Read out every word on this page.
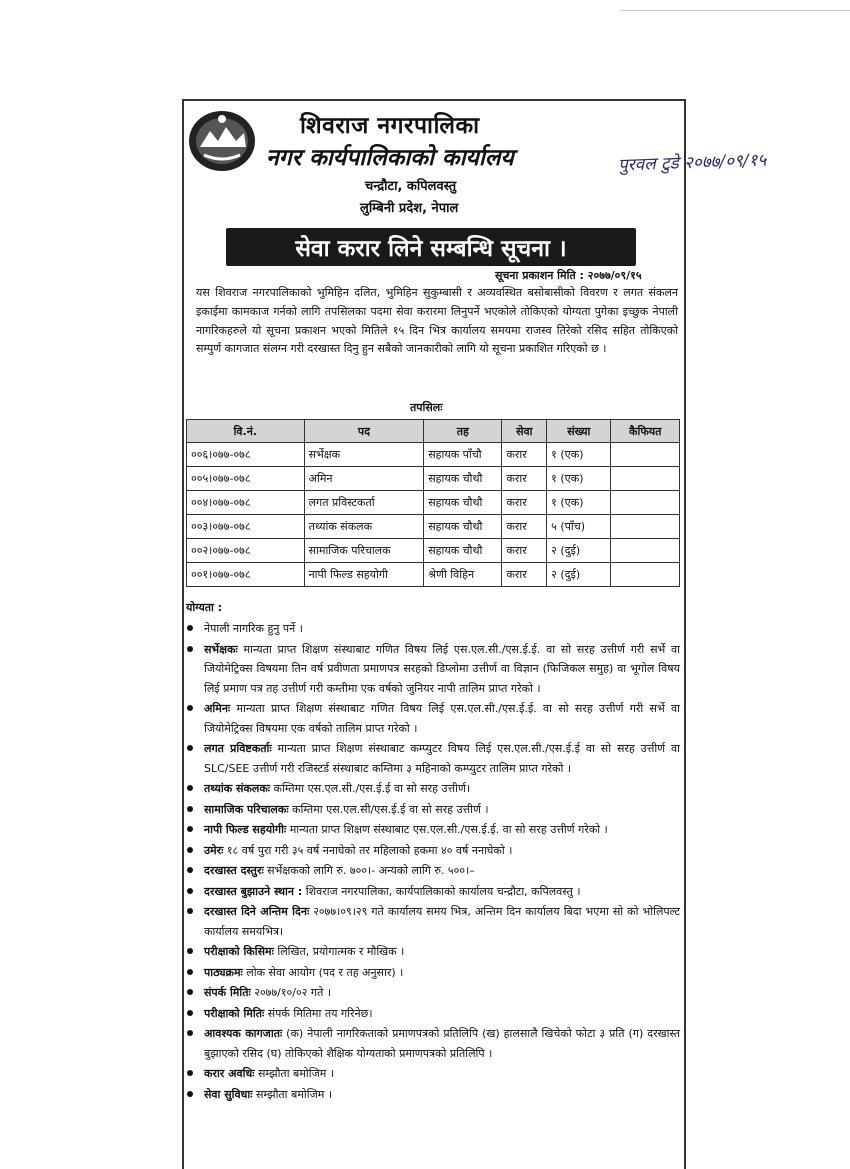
शिवराज नगरपालिका
नगर कार्यपालिकाको कार्यालय
चन्द्रौटा, कपिलवस्तु
लुम्बिनी प्रदेश, नेपाल
पुरवल टुडे २०७७/०९/१५
सेवा करार लिने सम्बन्धि सूचना ।
सूचना प्रकाशन मिति : २०७७/०९/१५
यस शिवराज नगरपालिकाको भुमिहिन दलित, भुमिहिन सुकुम्बासी र अव्यवस्थित बसोबासीको विवरण र लगत संकलन इकाईमा कामकाज गर्नको लागि तपसिलका पदमा सेवा करारमा लिनुपर्ने भएकोले तोकिएको योग्यता पुगेका इच्छुक नेपाली नागरिकहरुले यो सूचना प्रकाशन भएको मितिले १५ दिन भित्र कार्यालय समयमा राजस्व तिरेको रसिद सहित तोकिएको सम्पुर्ण कागजात संलग्न गरी दरखास्त दिनु हुन सबैको जानकारीको लागि यो सूचना प्रकाशित गरिएको छ ।
तपसिलः
वि.नं.	पद	तह	सेवा	संख्या	कैफियत
००६।०७७-०७८	सर्भेक्षक	सहायक पाँचौ	करार	१ (एक)	
००५।०७७-०७८	अमिन	सहायक चौथौ	करार	१ (एक)	
००४।०७७-०७८	लगत प्रविस्टकर्ता	सहायक चौथौ	करार	१ (एक)	
००३।०७७-०७८	तथ्यांक संकलक	सहायक चौथौ	करार	५ (पाँच)	
००२।०७७-०७८	सामाजिक परिचालक	सहायक चौथौ	करार	२ (दुई)	
००१।०७७-०७८	नापी फिल्ड सहयोगी	श्रेणी विहिन	करार	२ (दुई)	
योग्यता :
नेपाली नागरिक हुनु पर्ने ।
सर्भेक्षकः मान्यता प्राप्त शिक्षण संस्थाबाट गणित विषय लिई एस.एल.सी./एस.ई.ई. वा सो सरह उत्तीर्ण गरी सर्भे वा जियोमेट्रिक्स विषयमा तिन वर्ष प्रवीणता प्रमाणपत्र सरहको डिप्लोमा उत्तीर्ण वा विज्ञान (फिजिकल समुह) वा भूगोल विषय लिई प्रमाण पत्र तह उत्तीर्ण गरी कम्तीमा एक वर्षको जुनियर नापी तालिम प्राप्त गरेको ।
अमिनः मान्यता प्राप्त शिक्षण संस्थाबाट गणित विषय लिई एस.एल.सी./एस.ई.ई. वा सो सरह उत्तीर्ण गरी सर्भे वा जियोमेट्रिक्स विषयमा एक वर्षको तालिम प्राप्त गरेको ।
लगत प्रविष्टकर्ताः मान्यता प्राप्त शिक्षण संस्थाबाट कम्प्युटर विषय लिई एस.एल.सी./एस.ई.ई वा सो सरह उत्तीर्ण वा SLC/SEE उत्तीर्ण गरी रजिस्टर्ड संस्थाबाट कम्तिमा ३ महिनाको कम्प्युटर तालिम प्राप्त गरेको ।
तथ्यांक संकलकः कम्तिमा एस.एल.सी./एस.ई.ई वा सो सरह उत्तीर्ण।
सामाजिक परिचालकः कम्तिमा एस.एल.सी/एस.ई.ई वा सो सरह उत्तीर्ण ।
नापी फिल्ड सहयोगीः मान्यता प्राप्त शिक्षण संस्थाबाट एस.एल.सी./एस.ई.ई. वा सो सरह उत्तीर्ण गरेको ।
उमेरः १८ वर्ष पुरा गरी ३५ वर्ष ननाघेको तर महिलाको हकमा ४० वर्ष ननाघेको ।
दरखास्त दस्तुरः सर्भेक्षकको लागि रु. ७००।- अन्यको लागि रु. ५००।–
दरखास्त बुझाउने स्थान : शिवराज नगरपालिका, कार्यपालिकाको कार्यालय चन्द्रौटा, कपिलवस्तु ।
दरखास्त दिने अन्तिम दिनः २०७७।०९।२९ गते कार्यालय समय भित्र, अन्तिम दिन कार्यालय बिदा भएमा सो को भोलिपल्ट कार्यालय समयभित्र।
परीक्षाको किसिमः लिखित, प्रयोगात्मक र मौखिक ।
पाठ्यक्रमः लोक सेवा आयोग (पद र तह अनुसार) ।
संपर्क मितिः २०७७/१०/०२ गते ।
परीक्षाको मितिः संपर्क मितिमा तय गरिनेछ।
आवश्यक कागजातः (क) नेपाली नागरिकताको प्रमाणपत्रको प्रतिलिपि (ख) हालसालै खिचेको फोटा ३ प्रति (ग) दरखास्त बुझाएको रसिद (घ) तोकिएको शैक्षिक योग्यताको प्रमाणपत्रको प्रतिलिपि ।
करार अवधिः सम्झौता बमोजिम ।
सेवा सुविधाः सम्झौता बमोजिम ।
